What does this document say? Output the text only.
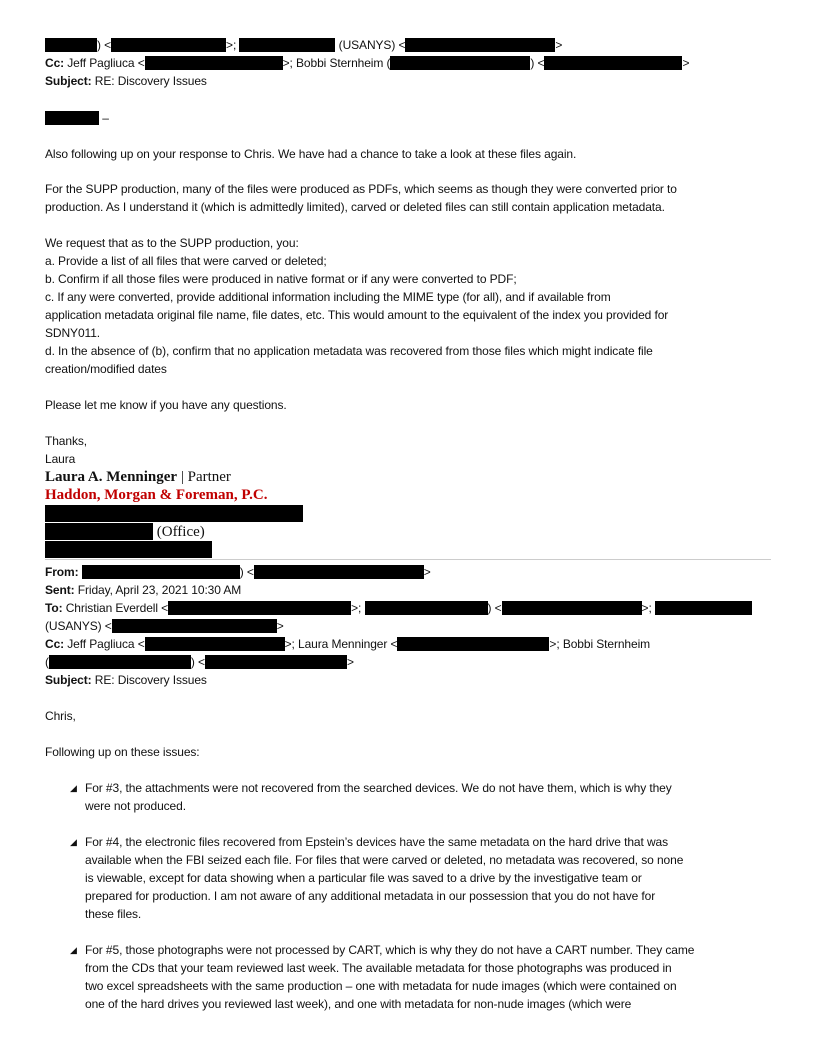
) <	>;	(USANYS) <	>
Cc: Jeff Pagliuca <	>; Bobbi Sternheim (	) <	>
Subject: RE: Discovery Issues
–
Also following up on your response to Chris. We have had a chance to take a look at these files again.
For the SUPP production, many of the files were produced as PDFs, which seems as though they were converted prior to
production. As I understand it (which is admittedly limited), carved or deleted files can still contain application metadata.
We request that as to the SUPP production, you:
a. Provide a list of all files that were carved or deleted;
b. Confirm if all those files were produced in native format or if any were converted to PDF;
c. If any were converted, provide additional information including the MIME type (for all), and if available from
application metadata original file name, file dates, etc. This would amount to the equivalent of the index you provided for
SDNY011.
d. In the absence of (b), confirm that no application metadata was recovered from those files which might indicate file
creation/modified dates
Please let me know if you have any questions.
Thanks,
Laura
Laura A. Menninger | Partner
Haddon, Morgan & Foreman, P.C.
(Office)
From:	) <	>
Sent: Friday, April 23, 2021 10:30 AM
To: Christian Everdell <	>;	) <	>;
(USANYS) <	>
Cc: Jeff Pagliuca <	>; Laura Menninger <	>; Bobbi Sternheim
(	) <	>
Subject: RE: Discovery Issues
Chris,
Following up on these issues:
◢ For #3, the attachments were not recovered from the searched devices. We do not have them, which is why they
were not produced.
◢ For #4, the electronic files recovered from Epstein’s devices have the same metadata on the hard drive that was
available when the FBI seized each file. For files that were carved or deleted, no metadata was recovered, so none
is viewable, except for data showing when a particular file was saved to a drive by the investigative team or
prepared for production. I am not aware of any additional metadata in our possession that you do not have for
these files.
◢ For #5, those photographs were not processed by CART, which is why they do not have a CART number. They came
from the CDs that your team reviewed last week. The available metadata for those photographs was produced in
two excel spreadsheets with the same production – one with metadata for nude images (which were contained on
one of the hard drives you reviewed last week), and one with metadata for non-nude images (which were
